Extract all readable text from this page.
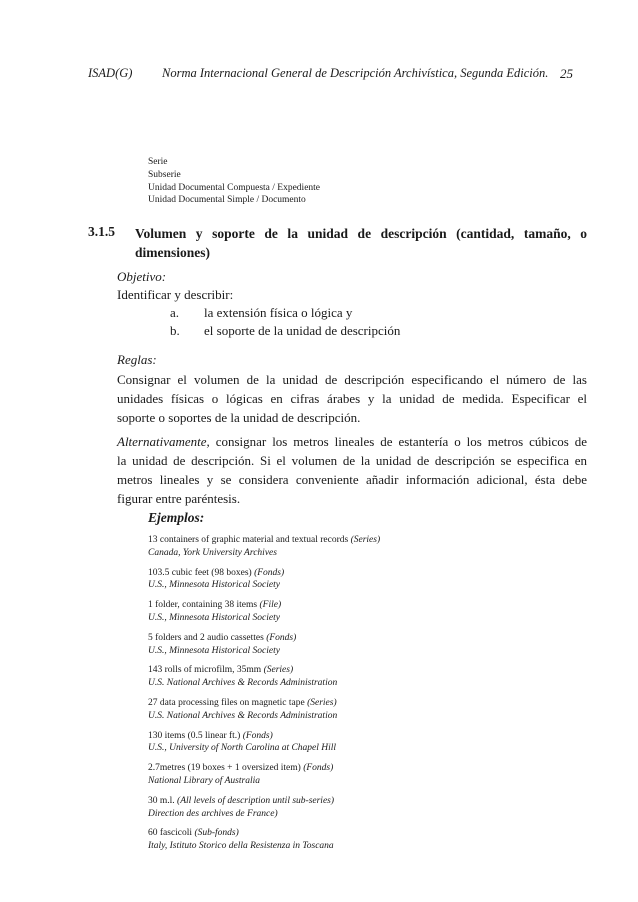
ISAD(G) Norma Internacional General de Descripción Archivística, Segunda Edición. 25
Serie
Subserie
Unidad Documental Compuesta / Expediente
Unidad Documental Simple / Documento
3.1.5 Volumen y soporte de la unidad de descripción (cantidad, tamaño, o
dimensiones)
Objetivo:
Identificar y describir:
a. la extensión física o lógica y
b. el soporte de la unidad de descripción
Reglas:
Consignar el volumen de la unidad de descripción especificando el número de las
unidades físicas o lógicas en cifras árabes y la unidad de medida. Especificar el
soporte o soportes de la unidad de descripción.
Alternativamente, consignar los metros lineales de estantería o los metros cúbicos de
la unidad de descripción. Si el volumen de la unidad de descripción se especifica en
metros lineales y se considera conveniente añadir información adicional, ésta debe
figurar entre paréntesis.
Ejemplos:
13 containers of graphic material and textual records (Series)
Canada, York University Archives
103.5 cubic feet (98 boxes) (Fonds)
U.S., Minnesota Historical Society
1 folder, containing 38 items (File)
U.S., Minnesota Historical Society
5 folders and 2 audio cassettes (Fonds)
U.S., Minnesota Historical Society
143 rolls of microfilm, 35mm (Series)
U.S. National Archives & Records Administration
27 data processing files on magnetic tape (Series)
U.S. National Archives & Records Administration
130 items (0.5 linear ft.) (Fonds)
U.S., University of North Carolina at Chapel Hill
2.7metres (19 boxes + 1 oversized item) (Fonds)
National Library of Australia
30 m.l. (All levels of description until sub-series)
Direction des archives de France)
60 fascicoli (Sub-fonds)
Italy, Istituto Storico della Resistenza in Toscana
